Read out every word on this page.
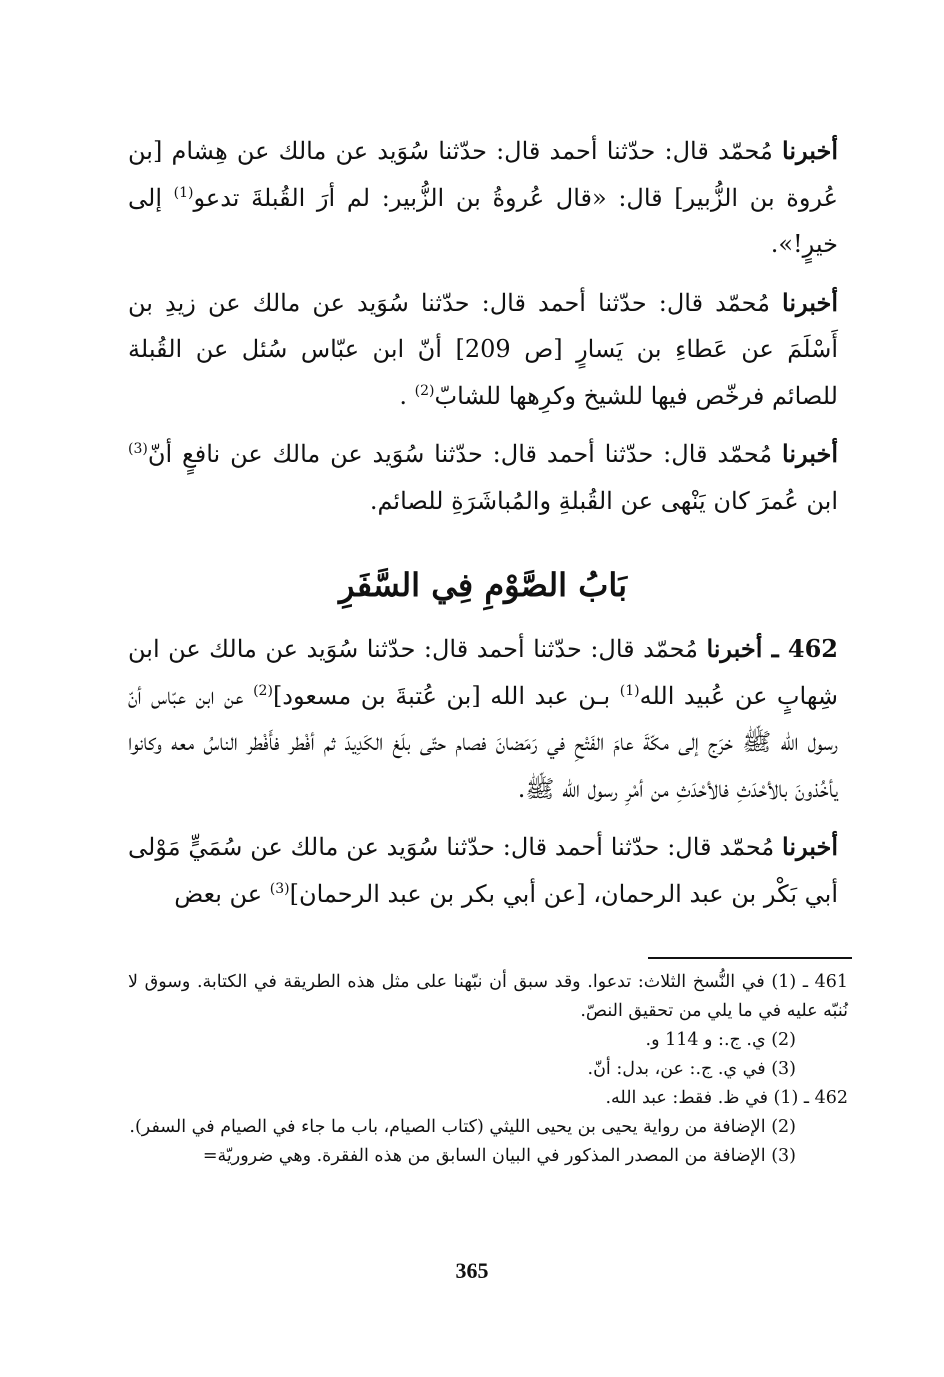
أخبرنا مُحمّد قال: حدّثنا أحمد قال: حدّثنا سُوَيد عن مالك عن هِشام [بن عُروة بن الزُّبير] قال: «قال عُروةُ بن الزُّبير: لم أرَ القُبلةَ تدعو$^{(1)}$ إلى خيرٍ!».

أخبرنا مُحمّد قال: حدّثنا أحمد قال: حدّثنا سُوَيد عن مالك عن زيدِ بن أَسْلَمَ عن عَطاءِ بن يَسارٍ [ص 209] أنّ ابن عبّاس سُئل عن القُبلة للصائم فرخّص فيها للشيخ وكرِهها للشابّ$^{(2)}$ .

أخبرنا مُحمّد قال: حدّثنا أحمد قال: حدّثنا سُوَيد عن مالك عن نافعٍ أنّ$^{(3)}$ ابن عُمرَ كان يَنْهى عن القُبلةِ والمُباشَرَةِ للصائم.

بَابُ الصَّوْمِ فِي السَّفَرِ

462 ـ أخبرنا مُحمّد قال: حدّثنا أحمد قال: حدّثنا سُوَيد عن مالك عن ابن شِهابٍ عن عُبيد الله$^{(1)}$ بـن عبد الله [بن عُتبةَ بن مسعود]$^{(2)}$ عن ابن عبّاس أنّ رسول الله ﷺ خرَج إلى مكّةَ عامَ الفَتْحِ في رَمَضانَ فصام حتّى بلَغ الكَدِيدَ ثم أفْطر فأَفْطر الناسُ معه وكانوا يأخُذونَ بالأحْدَثِ فالأحْدَثِ من أمْرِ رسول الله ﷺ.

أخبرنا مُحمّد قال: حدّثنا أحمد قال: حدّثنا سُوَيد عن مالك عن سُمَيٍّ مَوْلى أبي بَكْر بن عبد الرحمان، [عن أبي بكر بن عبد الرحمان]$^{(3)}$ عن بعض

461 ـ (1) في النُّسخ الثلاث: تدعوا. وقد سبق أن نبّهنا على مثل هذه الطريقة في الكتابة. وسوق لا نُنبّه عليه في ما يلي من تحقيق النصّ.

(2) ي. ج.: و 114 و.

(3) في ي. ج.: عن، بدل: أنّ.

462 ـ (1) في ظ. فقط: عبد الله.

(2) الإضافة من رواية يحيى بن يحيى الليثي (كتاب الصيام، باب ما جاء في الصيام في السفر).

(3) الإضافة من المصدر المذكور في البيان السابق من هذه الفقرة. وهي ضروريّة=

365
